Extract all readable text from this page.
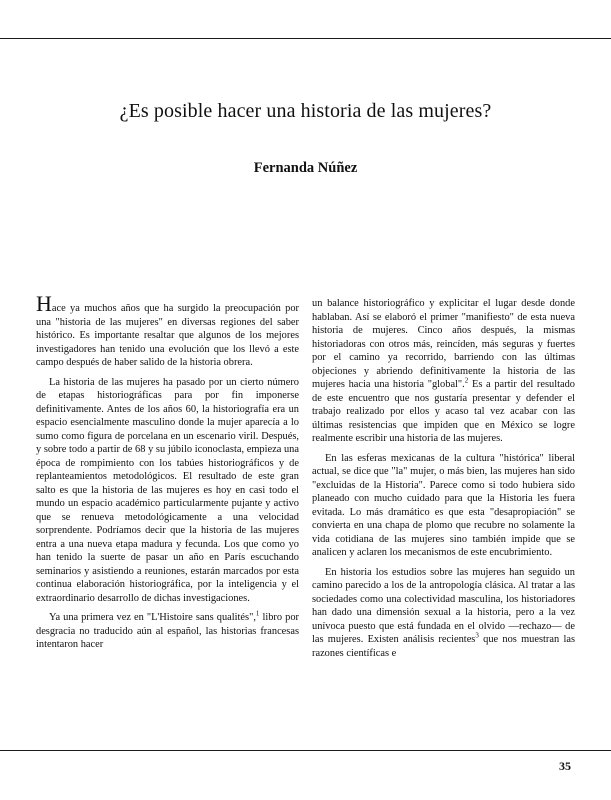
¿Es posible hacer una historia de las mujeres?
Fernanda Núñez

Hace ya muchos años que ha surgido la preocupación por una "historia de las mujeres" en diversas regiones del saber histórico. Es importante resaltar que algunos de los mejores investigadores han tenido una evolución que los llevó a este campo después de haber salido de la historia obrera.

La historia de las mujeres ha pasado por un cierto número de etapas historiográficas para por fin imponerse definitivamente. Antes de los años 60, la historiografía era un espacio esencialmente masculino donde la mujer aparecía a lo sumo como figura de porcelana en un escenario viril. Después, y sobre todo a partir de 68 y su júbilo iconoclasta, empieza una época de rompimiento con los tabúes historiográficos y de replanteamientos metodológicos. El resultado de este gran salto es que la historia de las mujeres es hoy en casi todo el mundo un espacio académico particularmente pujante y activo que se renueva metodológicamente a una velocidad sorprendente. Podríamos decir que la historia de las mujeres entra a una nueva etapa madura y fecunda. Los que como yo han tenido la suerte de pasar un año en París escuchando seminarios y asistiendo a reuniones, estarán marcados por esta continua elaboración historiográfica, por la inteligencia y el extraordinario desarrollo de dichas investigaciones.

Ya una primera vez en "L'Histoire sans qualités",$^1$ libro por desgracia no traducido aún al español, las historias francesas intentaron hacer

un balance historiográfico y explicitar el lugar desde donde hablaban. Así se elaboró el primer "manifiesto" de esta nueva historia de mujeres. Cinco años después, la mismas historiadoras con otros más, reincíden, más seguras y fuertes por el camino ya recorrido, barriendo con las últimas objeciones y abriendo definitivamente la historia de las mujeres hacia una historia "global".$^2$ Es a partir del resultado de este encuentro que nos gustaría presentar y defender el trabajo realizado por ellos y acaso tal vez acabar con las últimas resistencias que impiden que en México se logre realmente escribir una historia de las mujeres.

En las esferas mexicanas de la cultura "histórica" liberal actual, se dice que "la" mujer, o más bien, las mujeres han sido "excluidas de la Historia". Parece como si todo hubiera sido planeado con mucho cuidado para que la Historia les fuera evitada. Lo más dramático es que esta "desapropiación" se convierta en una chapa de plomo que recubre no solamente la vida cotidiana de las mujeres sino también impide que se analicen y aclaren los mecanismos de este encubrimiento.

En historia los estudios sobre las mujeres han seguido un camino parecido a los de la antropología clásica. Al tratar a las sociedades como una colectividad masculina, los historiadores han dado una dimensión sexual a la historia, pero a la vez unívoca puesto que está fundada en el olvido —rechazo— de las mujeres. Existen análisis recientes$^3$ que nos muestran las razones científicas e

35
